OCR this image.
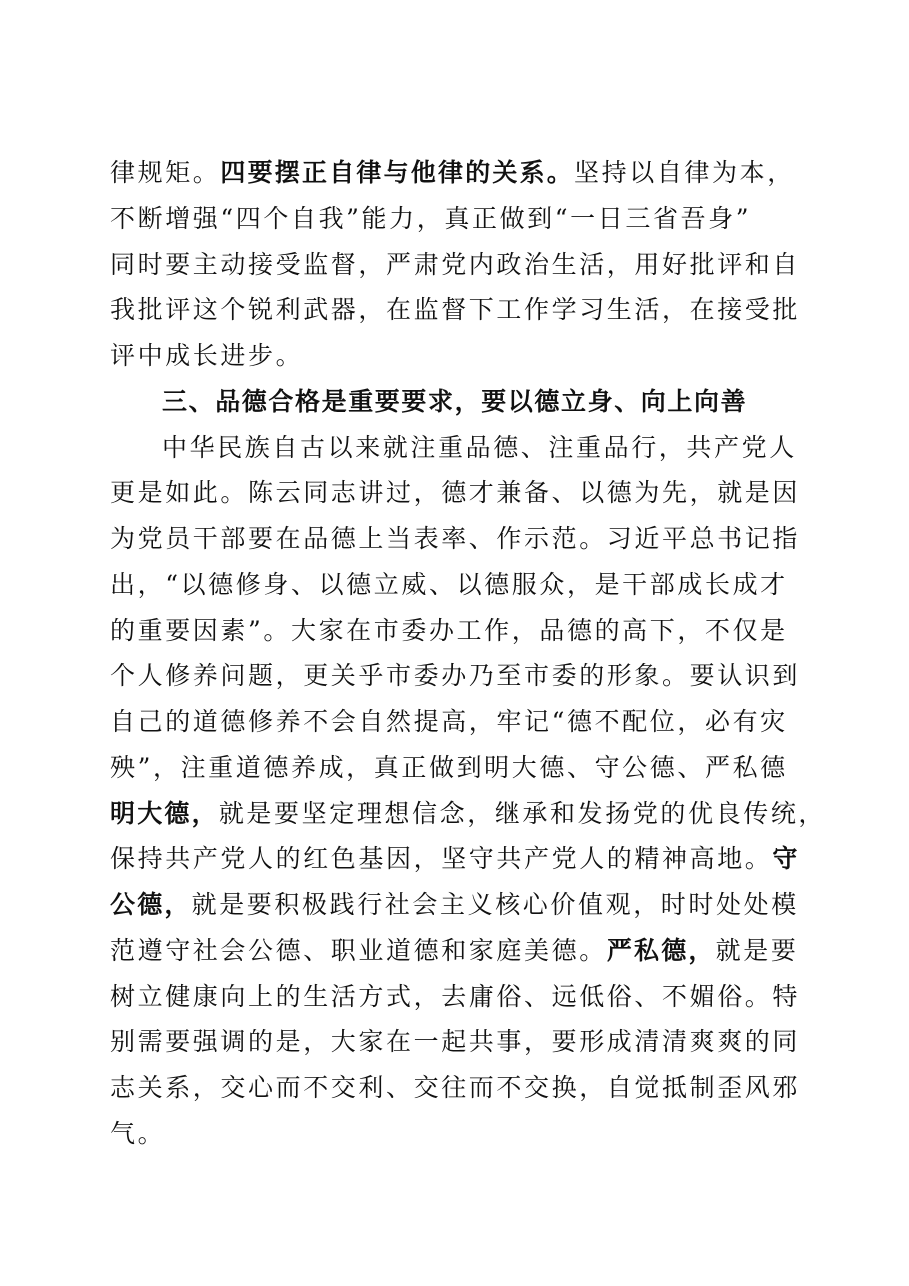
律规矩。四要摆正自律与他律的关系。坚持以自律为本，
不断增强“四个自我”能力，真正做到“一日三省吾身”
同时要主动接受监督，严肃党内政治生活，用好批评和自
我批评这个锐利武器，在监督下工作学习生活，在接受批
评中成长进步。
三、品德合格是重要要求，要以德立身、向上向善
中华民族自古以来就注重品德、注重品行，共产党人
更是如此。陈云同志讲过，德才兼备、以德为先，就是因
为党员干部要在品德上当表率、作示范。习近平总书记指
出，“以德修身、以德立威、以德服众，是干部成长成才
的重要因素”。大家在市委办工作，品德的高下，不仅是
个人修养问题，更关乎市委办乃至市委的形象。要认识到
自己的道德修养不会自然提高，牢记“德不配位，必有灾
殃”，注重道德养成，真正做到明大德、守公德、严私德
明大德，就是要坚定理想信念，继承和发扬党的优良传统，
保持共产党人的红色基因，坚守共产党人的精神高地。守
公德，就是要积极践行社会主义核心价值观，时时处处模
范遵守社会公德、职业道德和家庭美德。严私德，就是要
树立健康向上的生活方式，去庸俗、远低俗、不媚俗。特
别需要强调的是，大家在一起共事，要形成清清爽爽的同
志关系，交心而不交利、交往而不交换，自觉抵制歪风邪
气。
